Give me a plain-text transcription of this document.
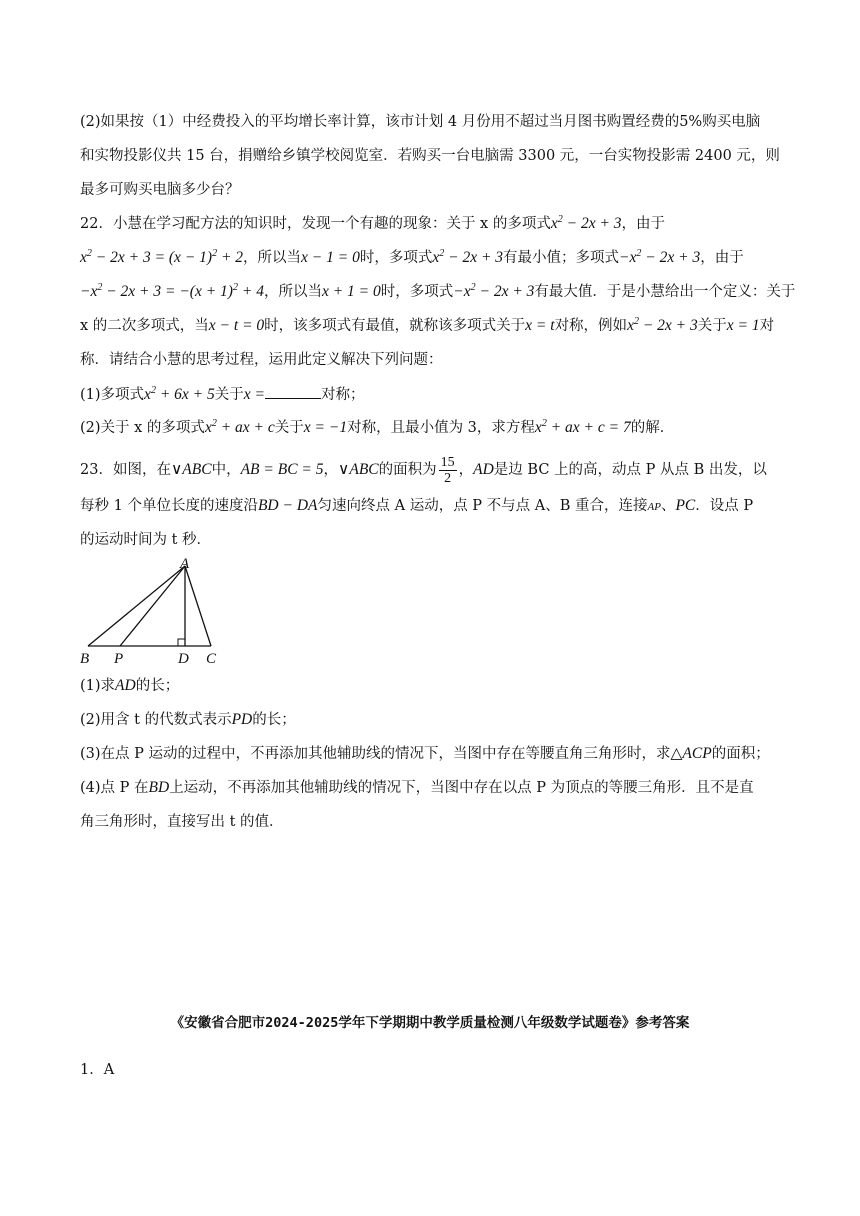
(2)如果按（1）中经费投入的平均增长率计算，该市计划 4 月份用不超过当月图书购置经费的5%购买电脑
和实物投影仪共 15 台，捐赠给乡镇学校阅览室．若购买一台电脑需 3300 元，一台实物投影需 2400 元，则
最多可购买电脑多少台？
22．小慧在学习配方法的知识时，发现一个有趣的现象：关于 x 的多项式$x^2 - 2x + 3$，由于
$x^2 - 2x + 3 = (x - 1)^2 + 2$，所以当x − 1 = 0时，多项式$x^2 - 2x + 3$有最小值；多项式$-x^2 - 2x + 3$，由于
$-x^2 - 2x + 3 = -(x + 1)^2 + 4$，所以当x + 1 = 0时，多项式$-x^2 - 2x + 3$有最大值．于是小慧给出一个定义：关于
x 的二次多项式，当x − t = 0时，该多项式有最值，就称该多项式关于x = t对称，例如$x^2 - 2x + 3$关于x = 1对
称．请结合小慧的思考过程，运用此定义解决下列问题：
(1)多项式$x^2 + 6x + 5$关于x =	对称；
(2)关于 x 的多项式$x^2$ + ax + c关于x = −1对称，且最小值为 3，求方程$x^2$ + ax + c = 7的解．
23．如图，在∨ABC中，AB = BC = 5，∨ABC的面积为 $\frac{15}{2}$ ，AD是边 BC 上的高，动点 P 从点 B 出发，以
每秒 1 个单位长度的速度沿BD − DA匀速向终点 A 运动，点 P 不与点 A、B 重合，连接AP、PC．设点 P
的运动时间为 t 秒．
A
B P	D C
(1)求AD的长；
(2)用含 t 的代数式表示PD的长；
(3)在点 P 运动的过程中，不再添加其他辅助线的情况下，当图中存在等腰直角三角形时，求△ACP的面积；
(4)点 P 在BD上运动，不再添加其他辅助线的情况下，当图中存在以点 P 为顶点的等腰三角形．且不是直
角三角形时，直接写出 t 的值．
《安徽省合肥市2024-2025学年下学期期中教学质量检测八年级数学试题卷》参考答案
1．A
